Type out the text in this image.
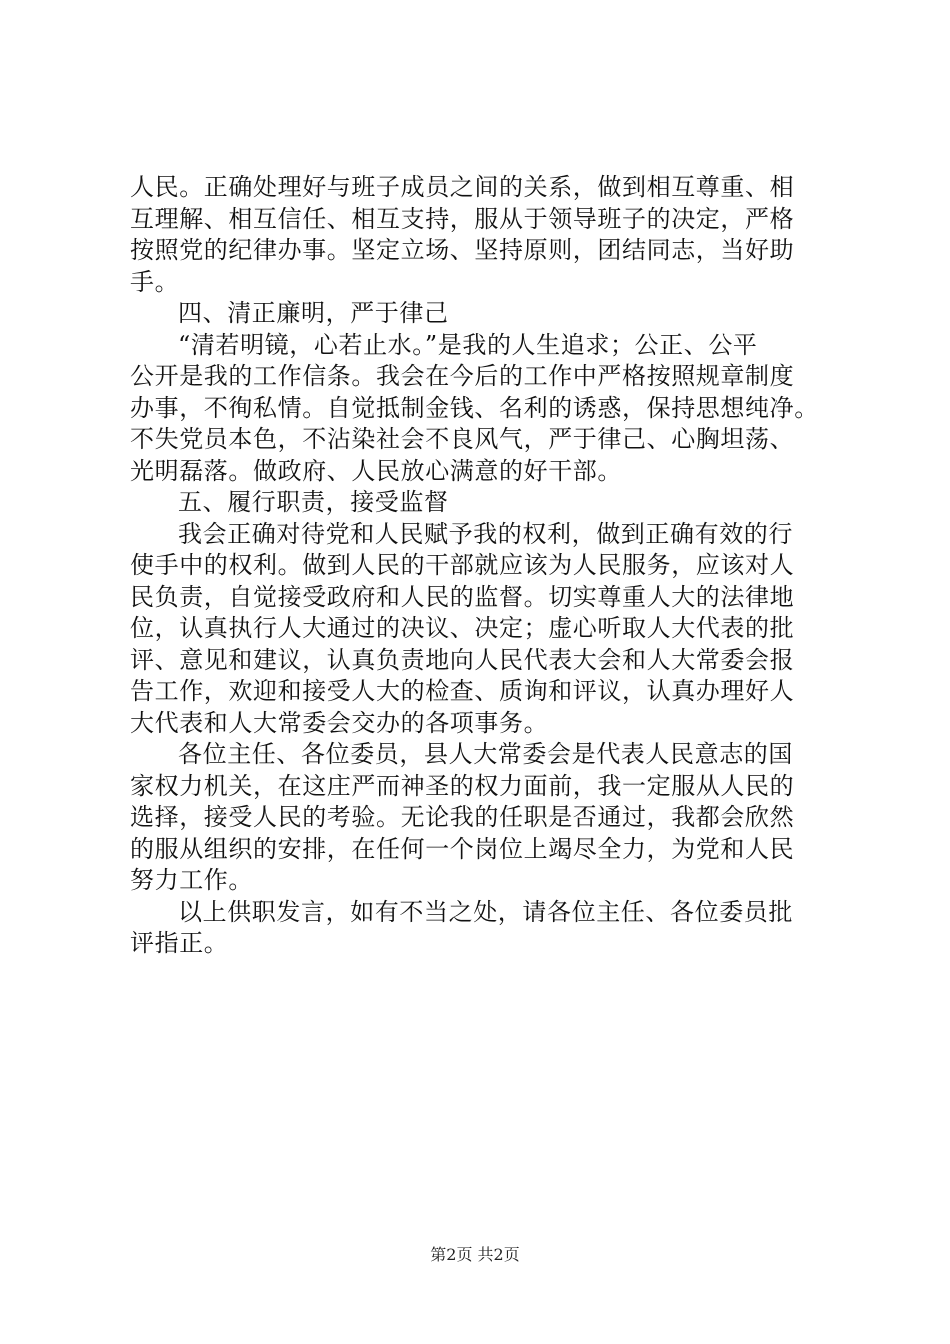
人民。正确处理好与班子成员之间的关系，做到相互尊重、相
互理解、相互信任、相互支持，服从于领导班子的决定，严格
按照党的纪律办事。坚定立场、坚持原则，团结同志，当好助
手。
四、清正廉明，严于律己
“清若明镜，心若止水。”是我的人生追求；公正、公平
公开是我的工作信条。我会在今后的工作中严格按照规章制度
办事，不徇私情。自觉抵制金钱、名利的诱惑，保持思想纯净。
不失党员本色，不沾染社会不良风气，严于律己、心胸坦荡、
光明磊落。做政府、人民放心满意的好干部。
五、履行职责，接受监督
我会正确对待党和人民赋予我的权利，做到正确有效的行
使手中的权利。做到人民的干部就应该为人民服务，应该对人
民负责，自觉接受政府和人民的监督。切实尊重人大的法律地
位，认真执行人大通过的决议、决定；虚心听取人大代表的批
评、意见和建议，认真负责地向人民代表大会和人大常委会报
告工作，欢迎和接受人大的检查、质询和评议，认真办理好人
大代表和人大常委会交办的各项事务。
各位主任、各位委员，县人大常委会是代表人民意志的国
家权力机关，在这庄严而神圣的权力面前，我一定服从人民的
选择，接受人民的考验。无论我的任职是否通过，我都会欣然
的服从组织的安排，在任何一个岗位上竭尽全力，为党和人民
努力工作。
以上供职发言，如有不当之处，请各位主任、各位委员批
评指正。
第2页 共2页
